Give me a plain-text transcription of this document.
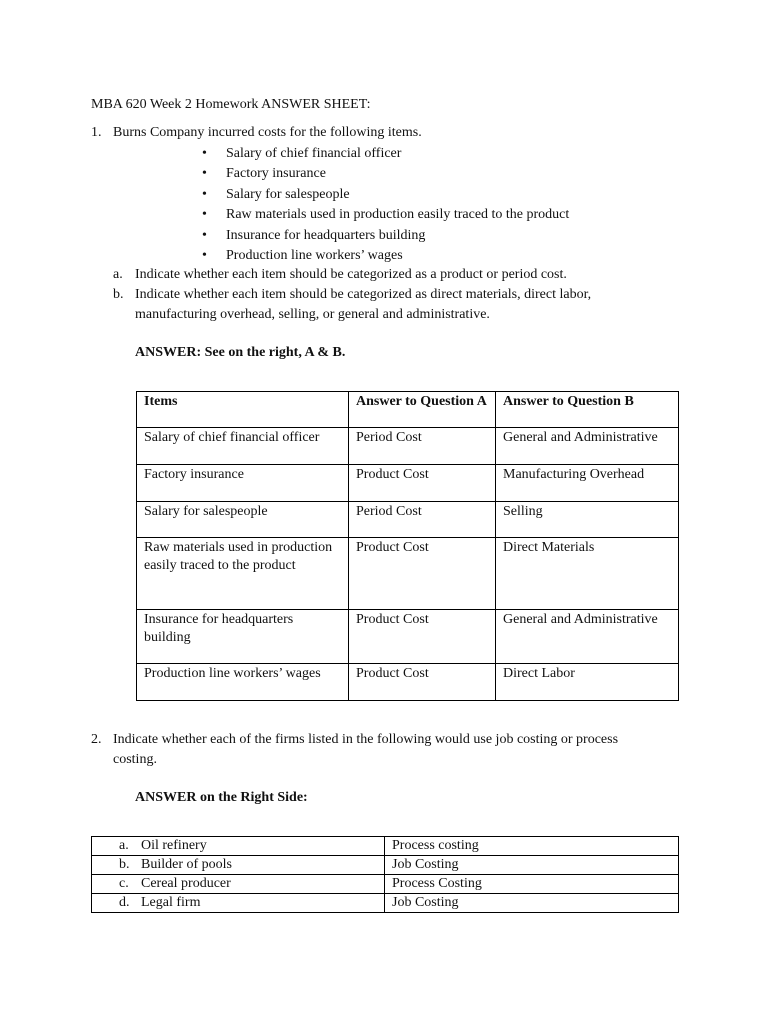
MBA 620 Week 2 Homework ANSWER SHEET:
1. Burns Company incurred costs for the following items.
• Salary of chief financial officer
• Factory insurance
• Salary for salespeople
• Raw materials used in production easily traced to the product
• Insurance for headquarters building
• Production line workers’ wages
a. Indicate whether each item should be categorized as a product or period cost.
b. Indicate whether each item should be categorized as direct materials, direct labor,
manufacturing overhead, selling, or general and administrative.
ANSWER: See on the right, A & B.
Items	Answer to Question A	Answer to Question B
Salary of chief financial officer	Period Cost	General and Administrative
Factory insurance	Product Cost	Manufacturing Overhead
Salary for salespeople	Period Cost	Selling
Raw materials used in production easily traced to the product	Product Cost	Direct Materials
Insurance for headquarters building	Product Cost	General and Administrative
Production line workers’ wages	Product Cost	Direct Labor
2. Indicate whether each of the firms listed in the following would use job costing or process
costing.
ANSWER on the Right Side:
a. Oil refinery	Process costing
b. Builder of pools	Job Costing
c. Cereal producer	Process Costing
d. Legal firm	Job Costing
